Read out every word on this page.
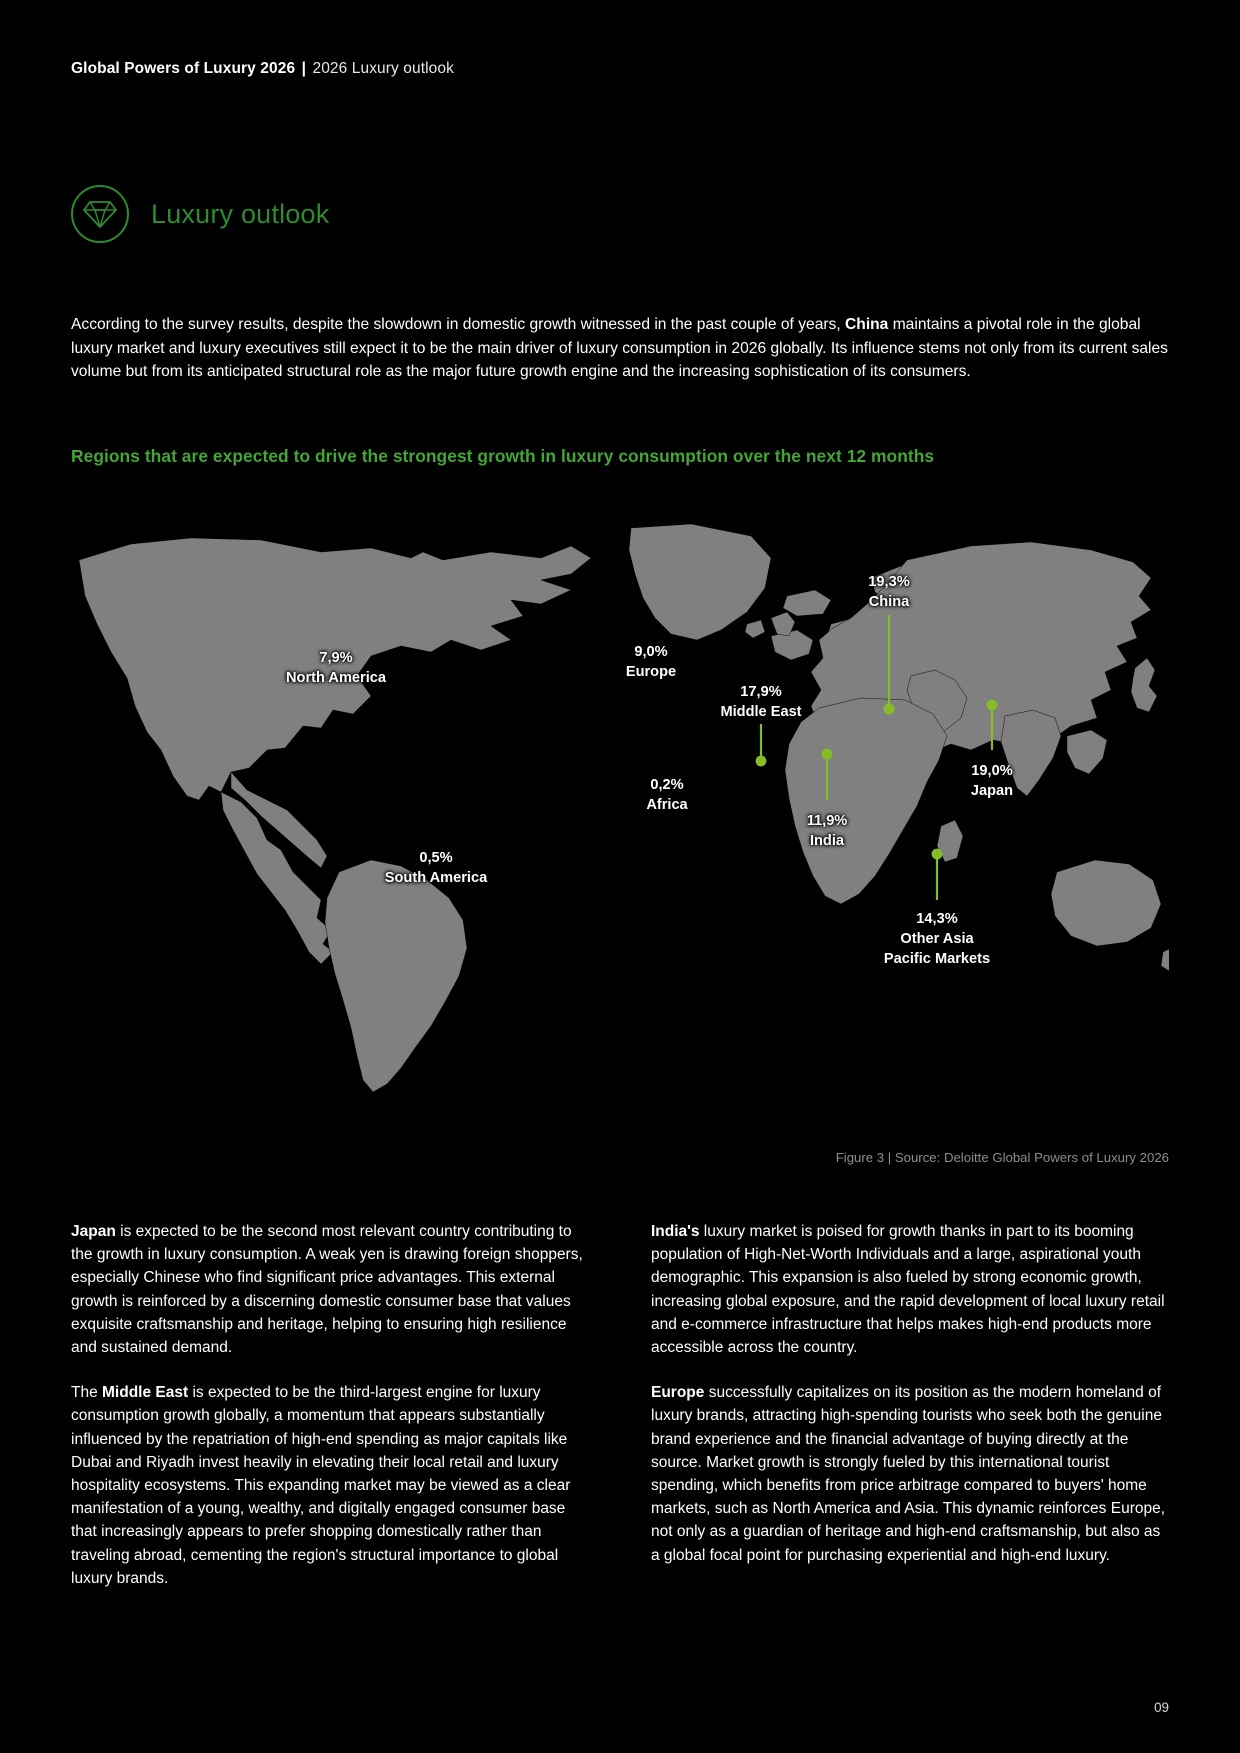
Global Powers of Luxury 2026 | 2026 Luxury outlook
Luxury outlook
According to the survey results, despite the slowdown in domestic growth witnessed in the past couple of years, China maintains a pivotal role in the global luxury market and luxury executives still expect it to be the main driver of luxury consumption in 2026 globally. Its influence stems not only from its current sales volume but from its anticipated structural role as the major future growth engine and the increasing sophistication of its consumers.
Regions that are expected to drive the strongest growth in luxury consumption over the next 12 months
7,9%
North America
0,5%
South America
9,0%
Europe
0,2%
Africa
17,9%
Middle East
19,3%
China
11,9%
India
19,0%
Japan
14,3%
Other Asia
Pacific Markets
Figure 3 | Source: Deloitte Global Powers of Luxury 2026

Japan is expected to be the second most relevant country contributing to the growth in luxury consumption. A weak yen is drawing foreign shoppers, especially Chinese who find significant price advantages. This external growth is reinforced by a discerning domestic consumer base that values exquisite craftsmanship and heritage, helping to ensuring high resilience and sustained demand.

The Middle East is expected to be the third-largest engine for luxury consumption growth globally, a momentum that appears substantially influenced by the repatriation of high-end spending as major capitals like Dubai and Riyadh invest heavily in elevating their local retail and luxury hospitality ecosystems. This expanding market may be viewed as a clear manifestation of a young, wealthy, and digitally engaged consumer base that increasingly appears to prefer shopping domestically rather than traveling abroad, cementing the region's structural importance to global luxury brands.

India's luxury market is poised for growth thanks in part to its booming population of High-Net-Worth Individuals and a large, aspirational youth demographic. This expansion is also fueled by strong economic growth, increasing global exposure, and the rapid development of local luxury retail and e-commerce infrastructure that helps makes high-end products more accessible across the country.

Europe successfully capitalizes on its position as the modern homeland of luxury brands, attracting high-spending tourists who seek both the genuine brand experience and the financial advantage of buying directly at the source. Market growth is strongly fueled by this international tourist spending, which benefits from price arbitrage compared to buyers' home markets, such as North America and Asia. This dynamic reinforces Europe, not only as a guardian of heritage and high-end craftsmanship, but also as a global focal point for purchasing experiential and high-end luxury.

09
